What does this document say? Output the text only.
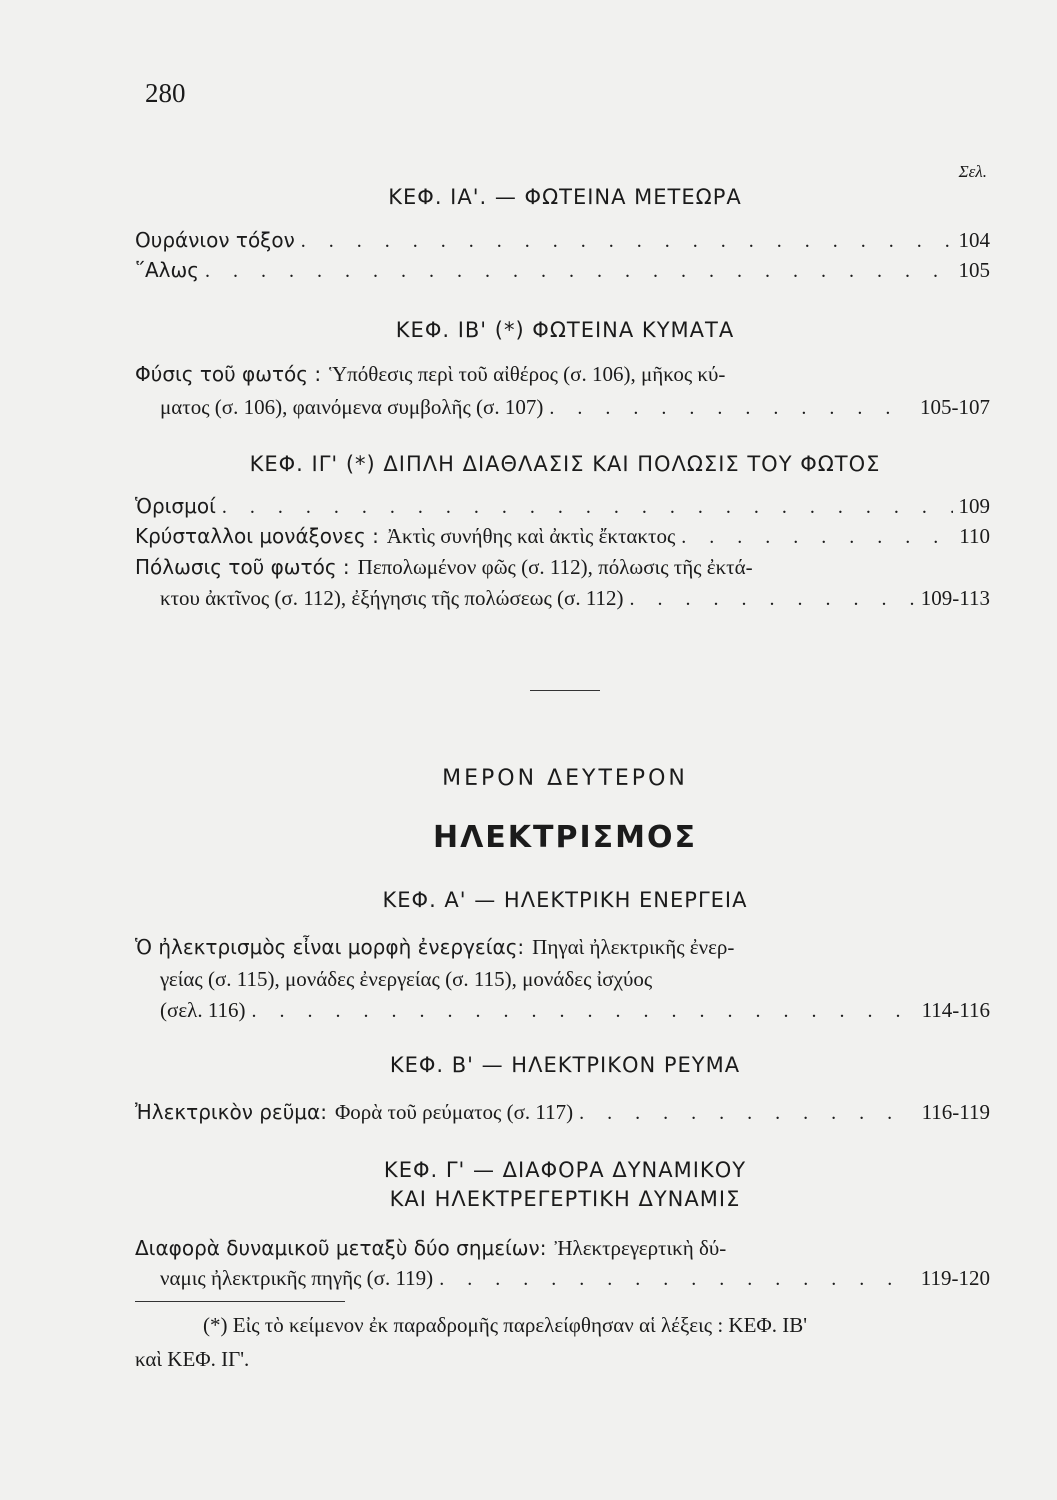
280
Σελ.
ΚΕΦ. ΙΑ'. — ΦΩΤΕΙΝΑ ΜΕΤΕΩΡΑ
Ουράνιον τόξον . . .	104
῞Αλως . . .	105
ΚΕΦ. ΙΒ' (*) ΦΩΤΕΙΝΑ ΚΥΜΑΤΑ
Φύσις τοῦ φωτός : Ὑπόθεσις περὶ τοῦ αἰθέρος (σ. 106), μῆκος κύ-
ματος (σ. 106), φαινόμενα συμβολῆς (σ. 107) . . .	105-107
ΚΕΦ. ΙΓ' (*) ΔΙΠΛΗ ΔΙΑΘΛΑΣΙΣ ΚΑΙ ΠΟΛΩΣΙΣ ΤΟΥ ΦΩΤΟΣ
Ὁρισμοί . . .	109
Κρύσταλλοι μονάξονες : Ἀκτὶς συνήθης καὶ ἀκτὶς ἔκτακτος . . .	110
Πόλωσις τοῦ φωτός : Πεπολωμένον φῶς (σ. 112), πόλωσις τῆς ἐκτά-
κτου ἀκτῖνος (σ. 112), ἐξήγησις τῆς πολώσεως (σ. 112) . . .	109-113
ΜΕΡΟΝ ΔΕΥΤΕΡΟΝ
ΗΛΕΚΤΡΙΣΜΟΣ
ΚΕΦ. Α' — ΗΛΕΚΤΡΙΚΗ ΕΝΕΡΓΕΙΑ
Ὁ ἠλεκτρισμὸς εἶναι μορφὴ ἐνεργείας: Πηγαὶ ἠλεκτρικῆς ἐνερ-
γείας (σ. 115), μονάδες ἐνεργείας (σ. 115), μονάδες ἰσχύος
(σελ. 116) . . .	114-116
ΚΕΦ. Β' — ΗΛΕΚΤΡΙΚΟΝ ΡΕΥΜΑ
Ἠλεκτρικὸν ρεῦμα: Φορὰ τοῦ ρεύματος (σ. 117) . . .	116-119
ΚΕΦ. Γ' — ΔΙΑΦΟΡΑ ΔΥΝΑΜΙΚΟΥ
ΚΑΙ ΗΛΕΚΤΡΕΓΕΡΤΙΚΗ ΔΥΝΑΜΙΣ
Διαφορὰ δυναμικοῦ μεταξὺ δύο σημείων: Ἠλεκτρεγερτικὴ δύ-
ναμις ἠλεκτρικῆς πηγῆς (σ. 119) . . .	119-120
(*) Εἰς τὸ κείμενον ἐκ παραδρομῆς παρελείφθησαν αἱ λέξεις : ΚΕΦ. ΙΒ'
καὶ ΚΕΦ. ΙΓ'.
